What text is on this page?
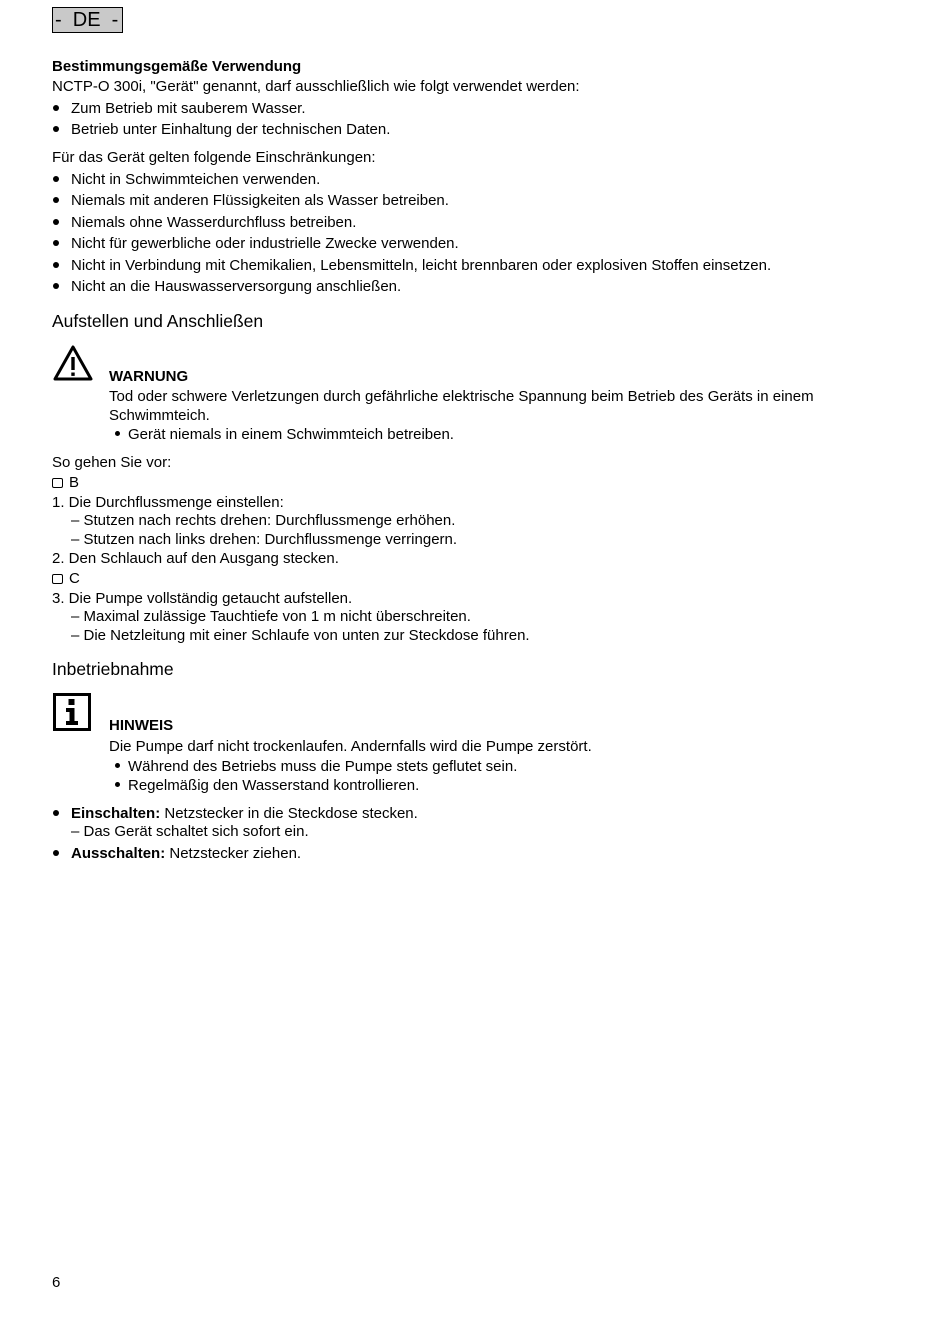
-  DE  -
Bestimmungsgemäße Verwendung
NCTP-O 300i, "Gerät" genannt, darf ausschließlich wie folgt verwendet werden:
Zum Betrieb mit sauberem Wasser.
Betrieb unter Einhaltung der technischen Daten.
Für das Gerät gelten folgende Einschränkungen:
Nicht in Schwimmteichen verwenden.
Niemals mit anderen Flüssigkeiten als Wasser betreiben.
Niemals ohne Wasserdurchfluss betreiben.
Nicht für gewerbliche oder industrielle Zwecke verwenden.
Nicht in Verbindung mit Chemikalien, Lebensmitteln, leicht brennbaren oder explosiven Stoffen einsetzen.
Nicht an die Hauswasserversorgung anschließen.
Aufstellen und Anschließen
WARNUNG
Tod oder schwere Verletzungen durch gefährliche elektrische Spannung beim Betrieb des Geräts in einem
Schwimmteich.
Gerät niemals in einem Schwimmteich betreiben.
So gehen Sie vor:
B
1. Die Durchflussmenge einstellen:
– Stutzen nach rechts drehen: Durchflussmenge erhöhen.
– Stutzen nach links drehen: Durchflussmenge verringern.
2. Den Schlauch auf den Ausgang stecken.
C
3. Die Pumpe vollständig getaucht aufstellen.
– Maximal zulässige Tauchtiefe von 1 m nicht überschreiten.
– Die Netzleitung mit einer Schlaufe von unten zur Steckdose führen.
Inbetriebnahme
HINWEIS
Die Pumpe darf nicht trockenlaufen. Andernfalls wird die Pumpe zerstört.
Während des Betriebs muss die Pumpe stets geflutet sein.
Regelmäßig den Wasserstand kontrollieren.
Einschalten: Netzstecker in die Steckdose stecken.
– Das Gerät schaltet sich sofort ein.
Ausschalten: Netzstecker ziehen.
6
